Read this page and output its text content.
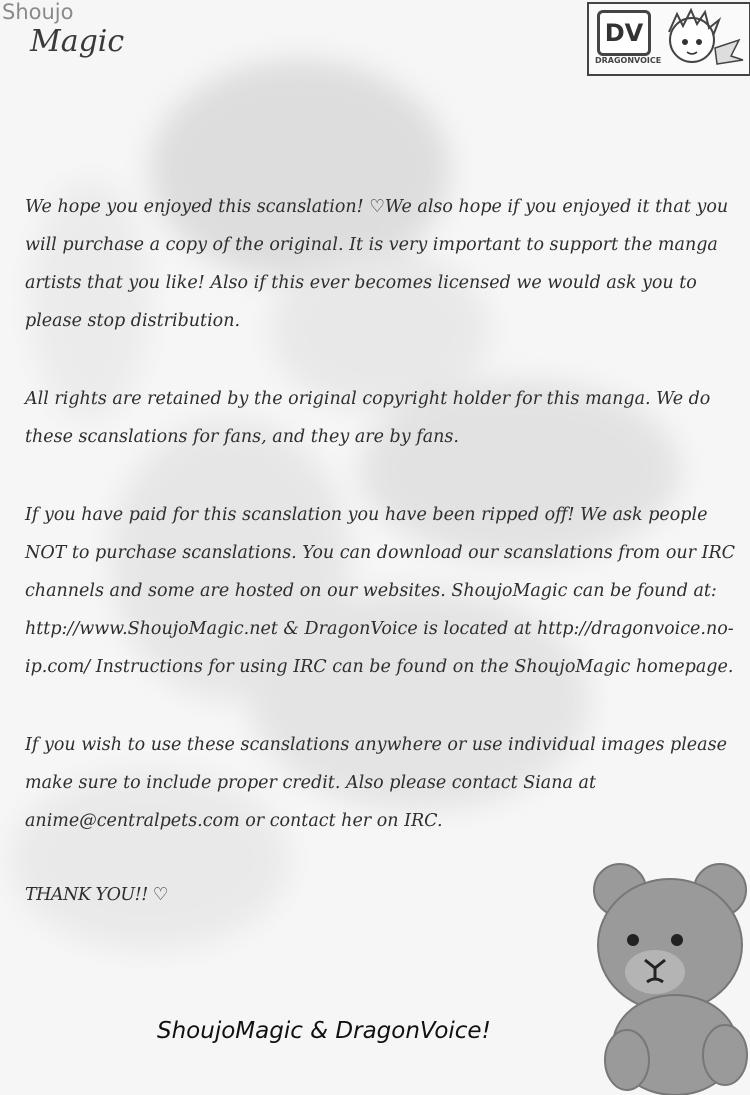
Shoujo
Magic	DV
DRAGONVOICE

We hope you enjoyed this scanslation! ♡We also hope if you enjoyed it that you will purchase a copy of the original. It is very important to support the manga artists that you like! Also if this ever becomes licensed we would ask you to please stop distribution.

All rights are retained by the original copyright holder for this manga. We do these scanslations for fans, and they are by fans.

If you have paid for this scanslation you have been ripped off! We ask people NOT to purchase scanslations. You can download our scanslations from our IRC channels and some are hosted on our websites. ShoujoMagic can be found at: http://www.ShoujoMagic.net & DragonVoice is located at http://dragonvoice.no-ip.com/ Instructions for using IRC can be found on the ShoujoMagic homepage.

If you wish to use these scanslations anywhere or use individual images please make sure to include proper credit. Also please contact Siana at anime@centralpets.com or contact her on IRC.

THANK YOU!! ♡

ShoujoMagic & DragonVoice!
